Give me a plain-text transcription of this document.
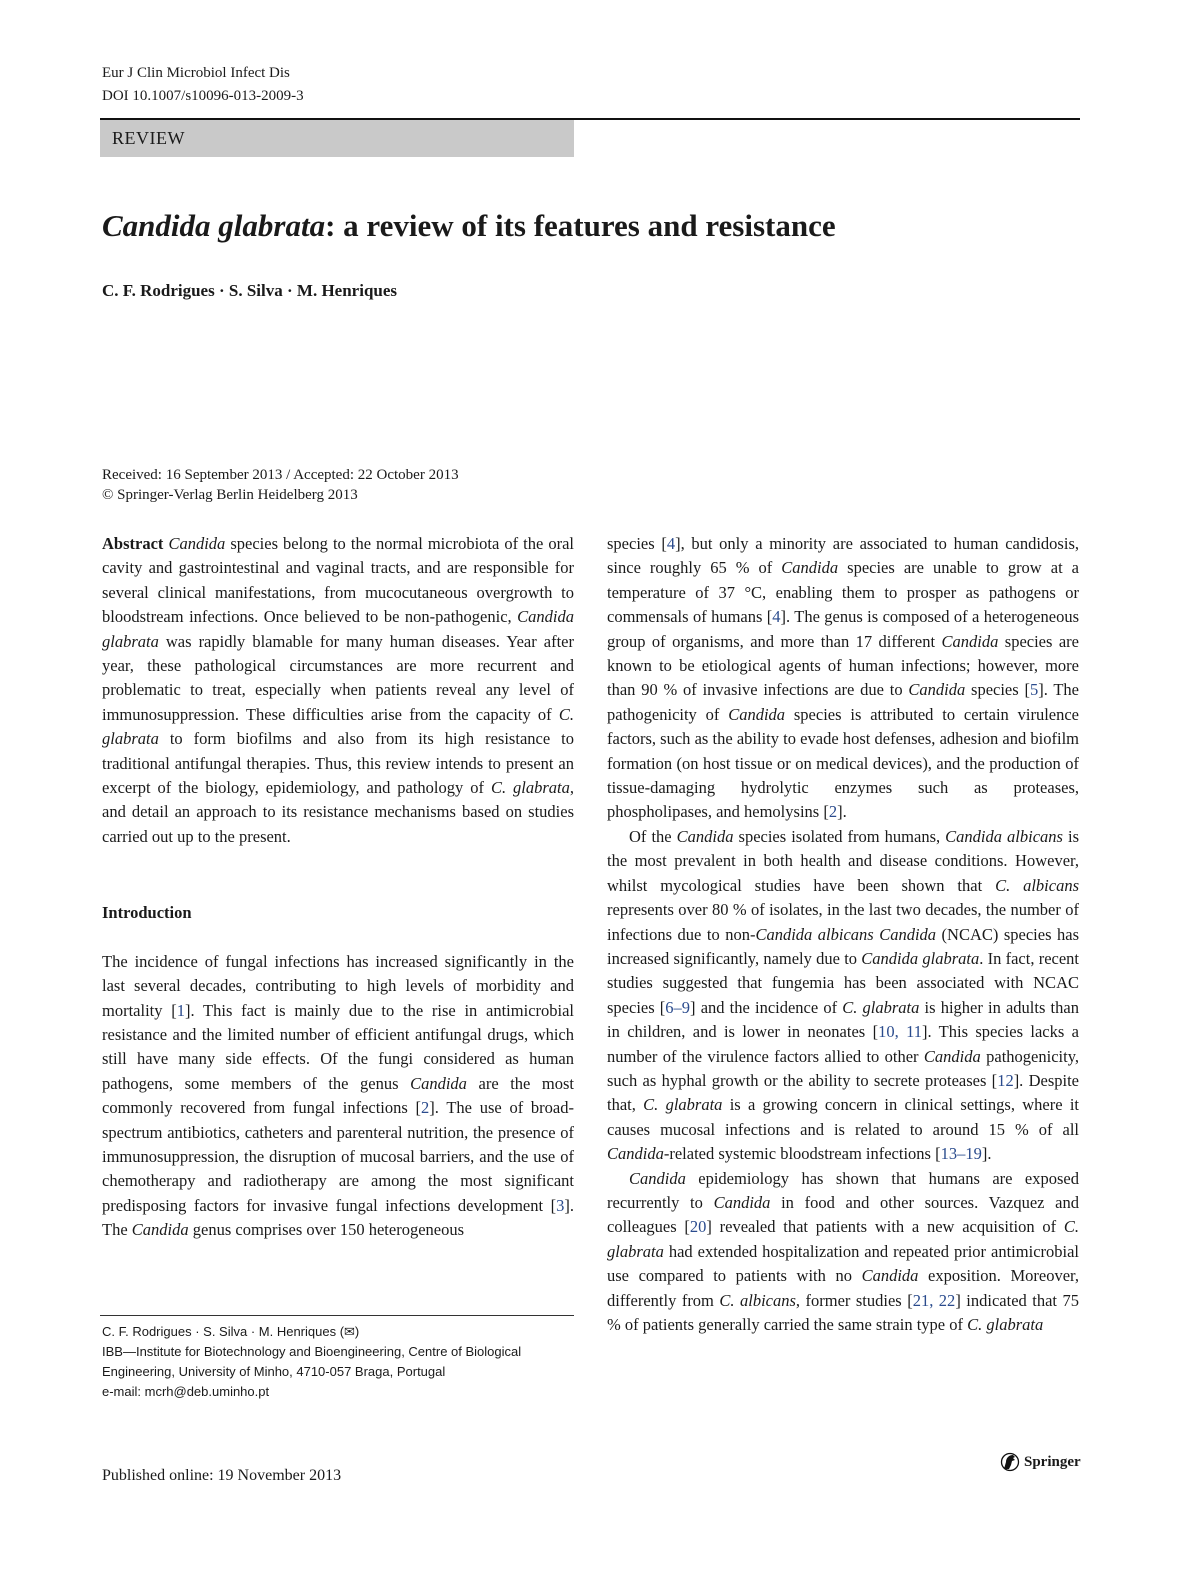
Eur J Clin Microbiol Infect Dis
DOI 10.1007/s10096-013-2009-3
REVIEW
Candida glabrata: a review of its features and resistance
C. F. Rodrigues · S. Silva · M. Henriques
Received: 16 September 2013 / Accepted: 22 October 2013
© Springer-Verlag Berlin Heidelberg 2013

Abstract Candida species belong to the normal microbiota of the oral cavity and gastrointestinal and vaginal tracts, and are responsible for several clinical manifestations, from mucocutaneous overgrowth to bloodstream infections. Once believed to be non-pathogenic, Candida glabrata was rapidly blamable for many human diseases. Year after year, these pathological circumstances are more recurrent and problematic to treat, especially when patients reveal any level of immunosuppression. These difficulties arise from the capacity of C. glabrata to form biofilms and also from its high resistance to traditional antifungal therapies. Thus, this review intends to present an excerpt of the biology, epidemiology, and pathology of C. glabrata, and detail an approach to its resistance mechanisms based on studies carried out up to the present.

Introduction

The incidence of fungal infections has increased significantly in the last several decades, contributing to high levels of morbidity and mortality [1]. This fact is mainly due to the rise in antimicrobial resistance and the limited number of efficient antifungal drugs, which still have many side effects. Of the fungi considered as human pathogens, some members of the genus Candida are the most commonly recovered from fungal infections [2]. The use of broad-spectrum antibiotics, catheters and parenteral nutrition, the presence of immunosuppression, the disruption of mucosal barriers, and the use of chemotherapy and radiotherapy are among the most significant predisposing factors for invasive fungal infections development [3]. The Candida genus comprises over 150 heterogeneous

species [4], but only a minority are associated to human candidosis, since roughly 65 % of Candida species are unable to grow at a temperature of 37 °C, enabling them to prosper as pathogens or commensals of humans [4]. The genus is composed of a heterogeneous group of organisms, and more than 17 different Candida species are known to be etiological agents of human infections; however, more than 90 % of invasive infections are due to Candida species [5]. The pathogenicity of Candida species is attributed to certain virulence factors, such as the ability to evade host defenses, adhesion and biofilm formation (on host tissue or on medical devices), and the production of tissue-damaging hydrolytic enzymes such as proteases, phospholipases, and hemolysins [2].

Of the Candida species isolated from humans, Candida albicans is the most prevalent in both health and disease conditions. However, whilst mycological studies have been shown that C. albicans represents over 80 % of isolates, in the last two decades, the number of infections due to non-Candida albicans Candida (NCAC) species has increased significantly, namely due to Candida glabrata. In fact, recent studies suggested that fungemia has been associated with NCAC species [6–9] and the incidence of C. glabrata is higher in adults than in children, and is lower in neonates [10, 11]. This species lacks a number of the virulence factors allied to other Candida pathogenicity, such as hyphal growth or the ability to secrete proteases [12]. Despite that, C. glabrata is a growing concern in clinical settings, where it causes mucosal infections and is related to around 15 % of all Candida-related systemic bloodstream infections [13–19].

Candida epidemiology has shown that humans are exposed recurrently to Candida in food and other sources. Vazquez and colleagues [20] revealed that patients with a new acquisition of C. glabrata had extended hospitalization and repeated prior antimicrobial use compared to patients with no Candida exposition. Moreover, differently from C. albicans, former studies [21, 22] indicated that 75 % of patients generally carried the same strain type of C. glabrata

C. F. Rodrigues · S. Silva · M. Henriques (✉)

IBB—Institute for Biotechnology and Bioengineering, Centre of Biological Engineering, University of Minho, 4710-057 Braga, Portugal

e-mail: mcrh@deb.uminho.pt

Published online: 19 November 2013
Springer
